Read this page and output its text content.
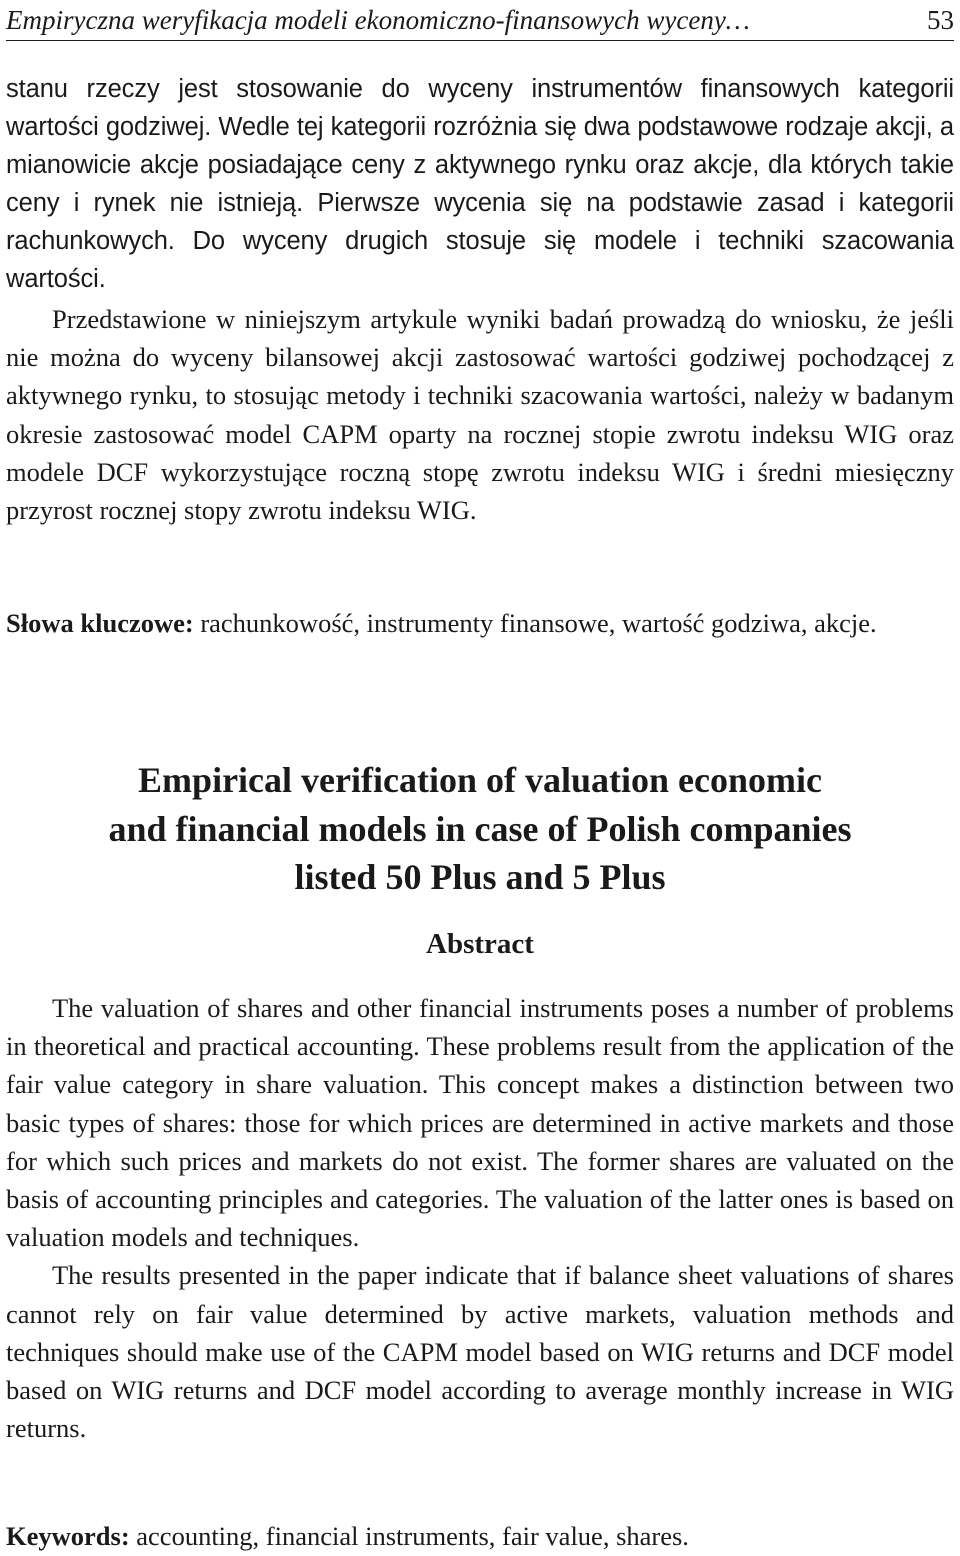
Empiryczna weryfikacja modeli ekonomiczno-finansowych wyceny…	53

stanu rzeczy jest stosowanie do wyceny instrumentów finansowych kategorii wartości godziwej. Wedle tej kategorii rozróżnia się dwa podstawowe rodzaje akcji, a mianowicie akcje posiadające ceny z aktywnego rynku oraz akcje, dla których takie ceny i rynek nie istnieją. Pierwsze wycenia się na podstawie zasad i kategorii rachunkowych. Do wyceny drugich stosuje się modele i techniki szacowania wartości.

Przedstawione w niniejszym artykule wyniki badań prowadzą do wniosku, że jeśli nie można do wyceny bilansowej akcji zastosować wartości godziwej pochodzącej z aktywnego rynku, to stosując metody i techniki szacowania wartości, należy w badanym okresie zastosować model CAPM oparty na rocznej stopie zwrotu indeksu WIG oraz modele DCF wykorzystujące roczną stopę zwrotu indeksu WIG i średni miesięczny przyrost rocznej stopy zwrotu indeksu WIG.

Słowa kluczowe: rachunkowość, instrumenty finansowe, wartość godziwa, akcje.
Empirical verification of valuation economic
and financial models in case of Polish companies
listed 50 Plus and 5 Plus
Abstract

The valuation of shares and other financial instruments poses a number of problems in theoretical and practical accounting. These problems result from the application of the fair value category in share valuation. This concept makes a distinction between two basic types of shares: those for which prices are determined in active markets and those for which such prices and markets do not exist. The former shares are valuated on the basis of accounting principles and categories. The valuation of the latter ones is based on valuation models and techniques.

The results presented in the paper indicate that if balance sheet valuations of shares cannot rely on fair value determined by active markets, valuation methods and techniques should make use of the CAPM model based on WIG returns and DCF model based on WIG returns and DCF model according to average monthly increase in WIG returns.

Keywords: accounting, financial instruments, fair value, shares.
